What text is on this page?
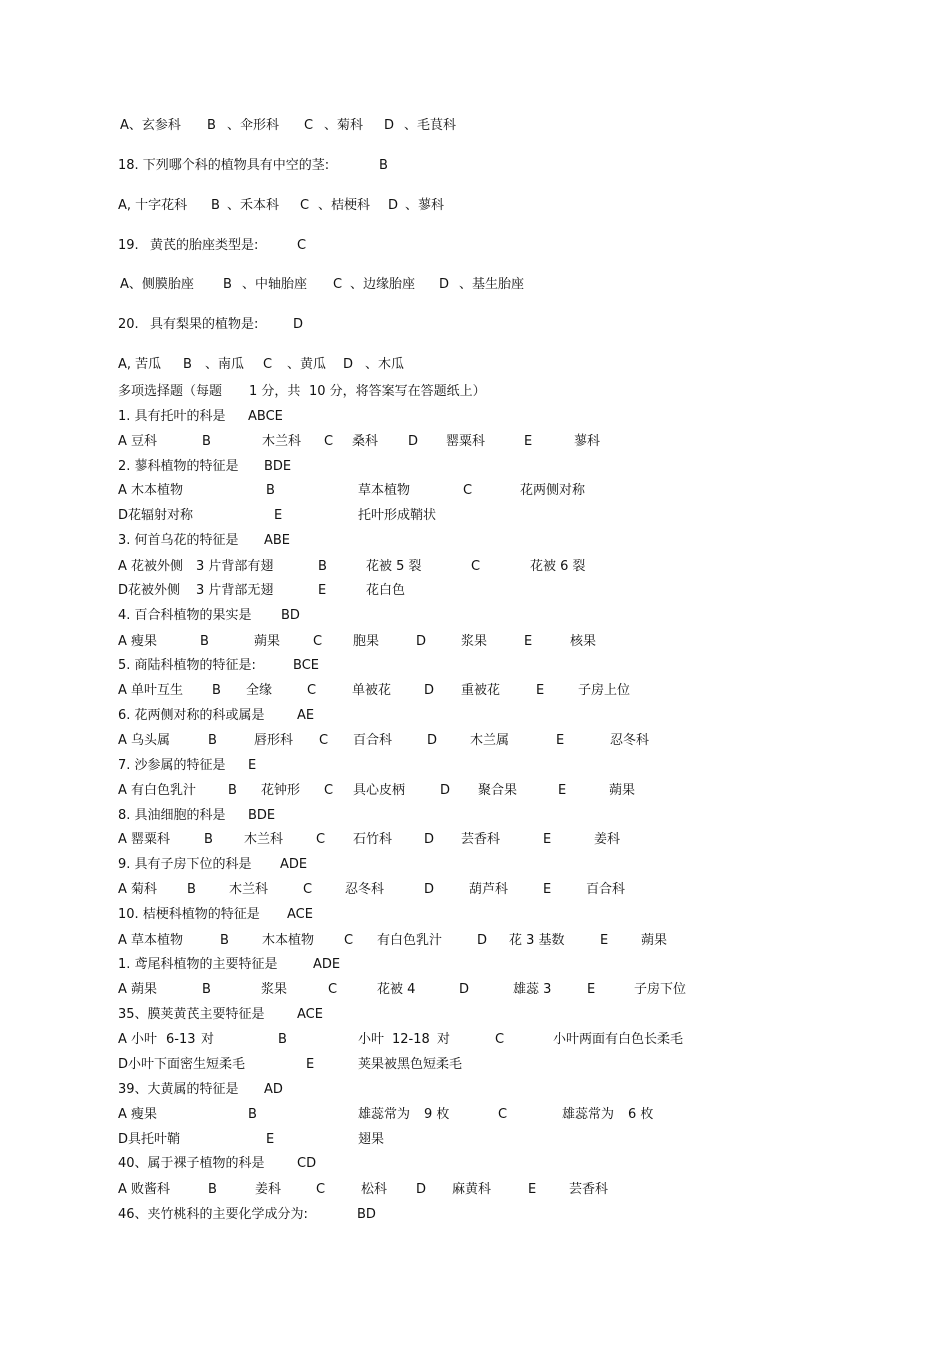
A、玄参科 B 、伞形科 C 、菊科 D 、毛茛科
18. 下列哪个科的植物具有中空的茎:	B
A, 十字花科 B 、禾本科 C 、桔梗科 D 、蓼科
19. 黄芪的胎座类型是:	C
A、侧膜胎座 B 、中轴胎座 C 、边缘胎座 D 、基生胎座
20. 具有梨果的植物是:	D
A, 苦瓜 B 、南瓜 C 、黄瓜 D 、木瓜
多项选择题（每题 1 分，共 10 分，将答案写在答题纸上）
1. 具有托叶的科是 ABCE
A 豆科	B	木兰科 C 桑科 D 罂粟科	E	蓼科
2. 蓼科植物的特征是 BDE
A 木本植物	B	草本植物	C	花两侧对称
D花辐射对称	E	托叶形成鞘状
3. 何首乌花的特征是 ABE
A 花被外侧 3 片背部有翅	B	花被 5 裂	C	花被 6 裂
D花被外侧 3 片背部无翅	E	花白色
4. 百合科植物的果实是 BD
A 瘦果	B	蒴果	C 胞果	D	浆果	E	核果
5. 商陆科植物的特征是:	BCE
A 单叶互生 B 全缘	C	单被花	D 重被花	E	子房上位
6. 花两侧对称的科或属是 AE
A 乌头属	B	唇形科 C 百合科	D	木兰属	E	忍冬科
7. 沙参属的特征是 E
A 有白色乳汁 B 花钟形 C 具心皮柄	D 聚合果	E	蒴果
8. 具油细胞的科是 BDE
A 罂粟科	B 木兰科	C 石竹科 D 芸香科	E	姜科
9. 具有子房下位的科是 ADE
A 菊科 B	木兰科	C	忍冬科	D	葫芦科	E	百合科
10. 桔梗科植物的特征是 ACE
A 草本植物	B	木本植物 C 有白色乳汁	D 花 3 基数	E	蒴果
1. 鸢尾科植物的主要特征是	ADE
A 蒴果	B	浆果	C	花被 4	D	雄蕊 3	E	子房下位
35、膜荚黄芪主要特征是 ACE
A 小叶 6-13 对	B	小叶 12-18 对	C	小叶两面有白色长柔毛
D小叶下面密生短柔毛	E	荚果被黑色短柔毛
39、大黄属的特征是 AD
A 瘦果	B	雄蕊常为 9 枚	C	雄蕊常为 6 枚
D具托叶鞘	E	翅果
40、属于裸子植物的科是 CD
A 败酱科	B	姜科	C	松科 D 麻黄科	E	芸香科
46、夹竹桃科的主要化学成分为:	BD
